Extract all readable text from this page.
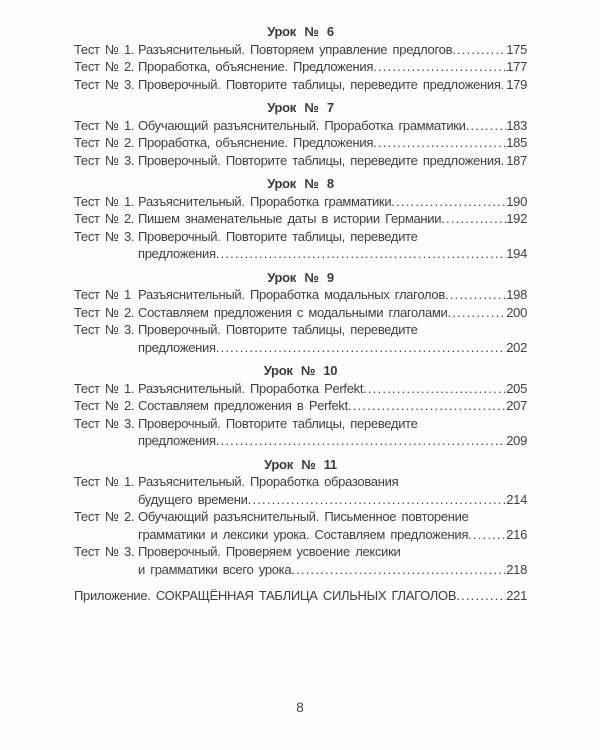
Урок № 6
Тест № 1. Разъяснительный. Повторяем управление предлогов .....	175
Тест № 2. Проработка, объяснение. Предложения .....	177
Тест № 3. Проверочный. Повторите таблицы, переведите предложения ..... 179
Урок № 7
Тест № 1. Обучающий разъяснительный. Проработка грамматики .....	183
Тест № 2. Проработка, объяснение. Предложения .....	185
Тест № 3. Проверочный. Повторите таблицы, переведите предложения ..... 187
Урок № 8
Тест № 1. Разъяснительный. Проработка грамматики .....	190
Тест № 2. Пишем знаменательные даты в истории Германии .....	192
Тест № 3. Проверочный. Повторите таблицы, переведите
предложения .....	194
Урок № 9
Тест № 1 Разъяснительный. Проработка модальных глаголов .....	198
Тест № 2. Составляем предложения с модальными глаголами .....	200
Тест № 3. Проверочный. Повторите таблицы, переведите
предложения .....	202
Урок № 10
Тест № 1. Разъяснительный. Проработка Perfekt .....	205
Тест № 2. Составляем предложения в Perfekt .....	207
Тест № 3. Проверочный. Повторите таблицы, переведите
предложения .....	209
Урок № 11
Тест № 1. Разъяснительный. Проработка образования
будущего времени .....	214
Тест № 2. Обучающий разъяснительный. Письменное повторение
грамматики и лексики урока. Составляем предложения .....	216
Тест № 3. Проверочный. Проверяем усвоение лексики
и грамматики всего урока .....	218
Приложение. СОКРАЩЁННАЯ ТАБЛИЦА СИЛЬНЫХ ГЛАГОЛОВ .....	221
8
